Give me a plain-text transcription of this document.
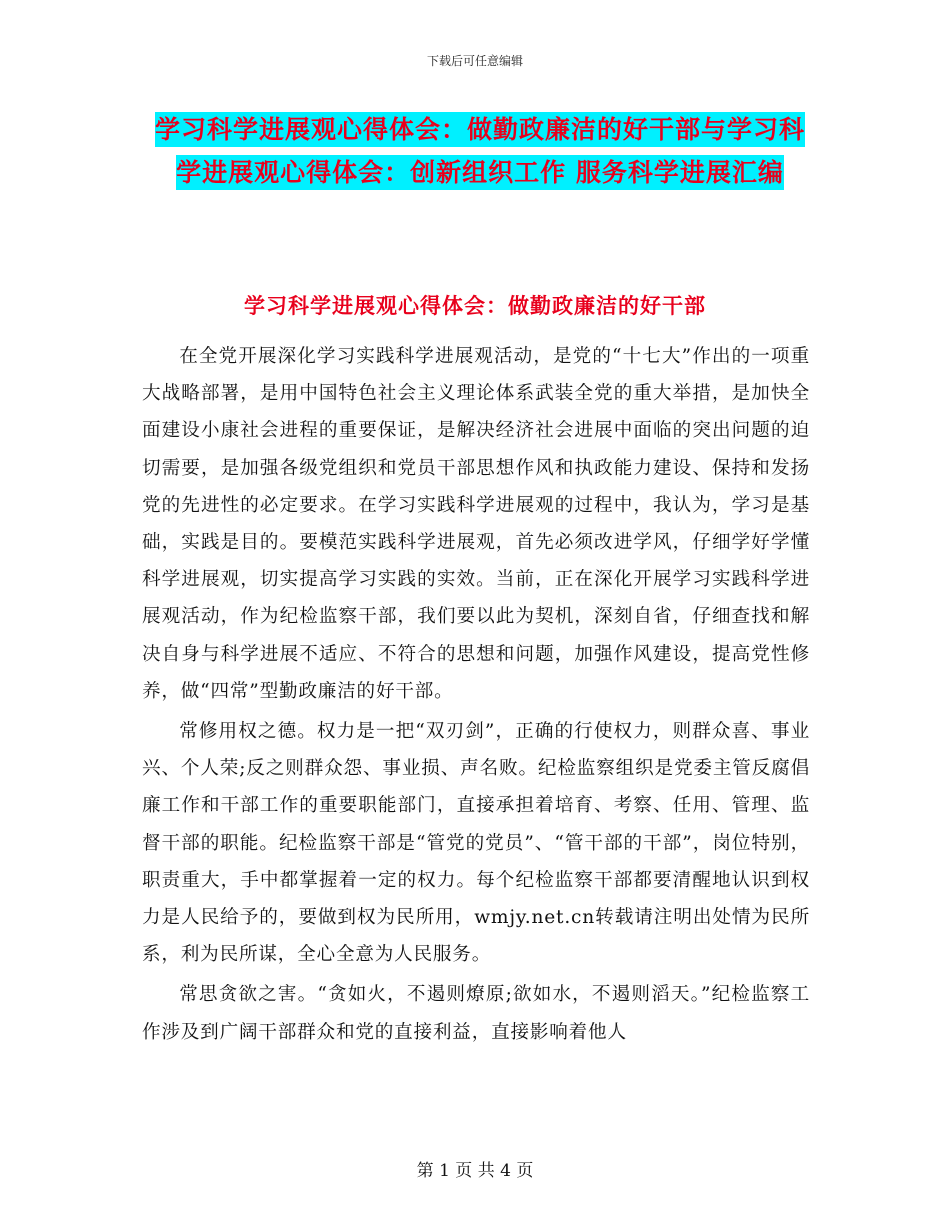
下载后可任意编辑
学习科学进展观心得体会：做勤政廉洁的好干部与学习科学进展观心得体会：创新组织工作 服务科学进展汇编
学习科学进展观心得体会：做勤政廉洁的好干部

在全党开展深化学习实践科学进展观活动，是党的“十七大”作出的一项重大战略部署，是用中国特色社会主义理论体系武装全党的重大举措，是加快全面建设小康社会进程的重要保证，是解决经济社会进展中面临的突出问题的迫切需要，是加强各级党组织和党员干部思想作风和执政能力建设、保持和发扬党的先进性的必定要求。在学习实践科学进展观的过程中，我认为，学习是基础，实践是目的。要模范实践科学进展观，首先必须改进学风，仔细学好学懂科学进展观，切实提高学习实践的实效。当前，正在深化开展学习实践科学进展观活动，作为纪检监察干部，我们要以此为契机，深刻自省，仔细查找和解决自身与科学进展不适应、不符合的思想和问题，加强作风建设，提高党性修养，做“四常”型勤政廉洁的好干部。

常修用权之德。权力是一把“双刃剑”，正确的行使权力，则群众喜、事业兴、个人荣;反之则群众怨、事业损、声名败。纪检监察组织是党委主管反腐倡廉工作和干部工作的重要职能部门，直接承担着培育、考察、任用、管理、监督干部的职能。纪检监察干部是“管党的党员”、“管干部的干部”，岗位特别，职责重大，手中都掌握着一定的权力。每个纪检监察干部都要清醒地认识到权力是人民给予的，要做到权为民所用，wmjy.net.cn转载请注明出处情为民所系，利为民所谋，全心全意为人民服务。

常思贪欲之害。“贪如火，不遏则燎原;欲如水，不遏则滔天。”纪检监察工作涉及到广阔干部群众和党的直接利益，直接影响着他人

第 1 页 共 4 页
